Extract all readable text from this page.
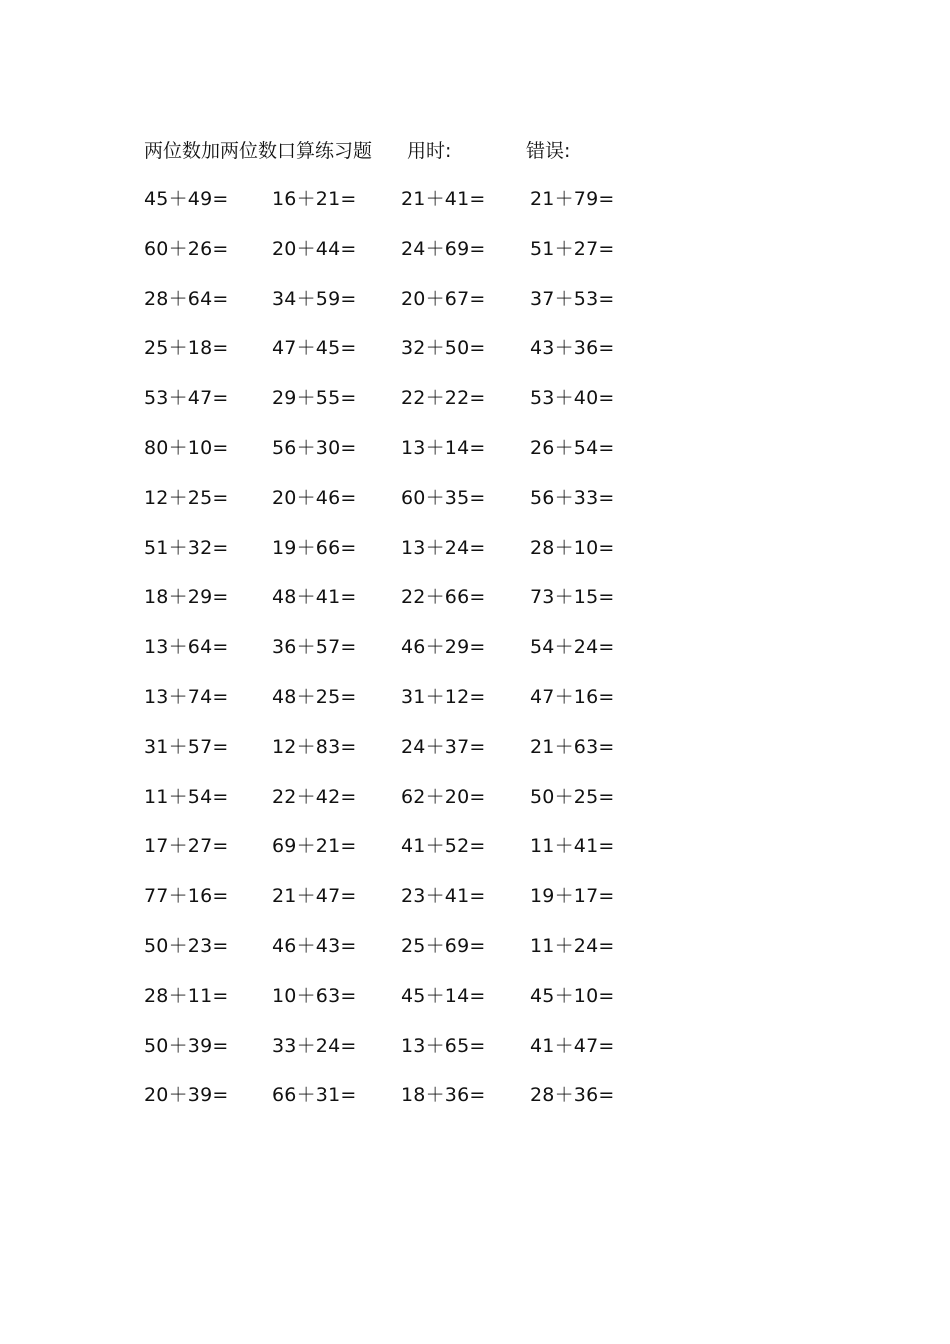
两位数加两位数口算练习题 用时:	错误:
45＋49= 16＋21= 21＋41= 21＋79=
60＋26= 20＋44= 24＋69= 51＋27=
28＋64= 34＋59= 20＋67= 37＋53=
25＋18= 47＋45= 32＋50= 43＋36=
53＋47= 29＋55= 22＋22= 53＋40=
80＋10= 56＋30= 13＋14= 26＋54=
12＋25= 20＋46= 60＋35= 56＋33=
51＋32= 19＋66= 13＋24= 28＋10=
18＋29= 48＋41= 22＋66= 73＋15=
13＋64= 36＋57= 46＋29= 54＋24=
13＋74= 48＋25= 31＋12= 47＋16=
31＋57= 12＋83= 24＋37= 21＋63=
11＋54= 22＋42= 62＋20= 50＋25=
17＋27= 69＋21= 41＋52= 11＋41=
77＋16= 21＋47= 23＋41= 19＋17=
50＋23= 46＋43= 25＋69= 11＋24=
28＋11= 10＋63= 45＋14= 45＋10=
50＋39= 33＋24= 13＋65= 41＋47=
20＋39= 66＋31= 18＋36= 28＋36=
